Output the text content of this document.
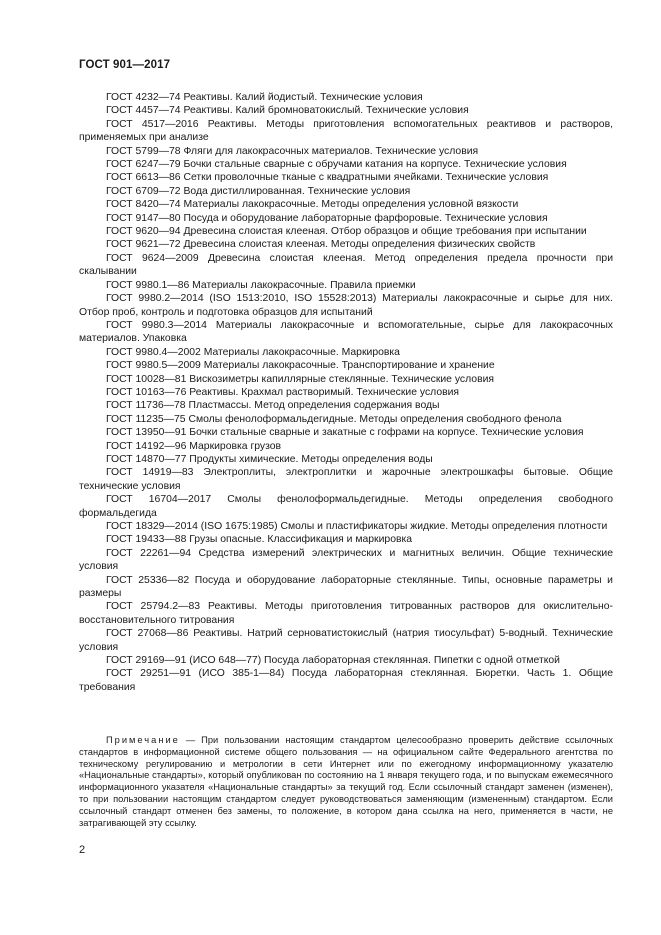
ГОСТ 901—2017

ГОСТ 4232—74 Реактивы. Калий йодистый. Технические условия

ГОСТ 4457—74 Реактивы. Калий бромноватокислый. Технические условия

ГОСТ 4517—2016 Реактивы. Методы приготовления вспомогательных реактивов и растворов, применяемых при анализе

ГОСТ 5799—78 Фляги для лакокрасочных материалов. Технические условия

ГОСТ 6247—79 Бочки стальные сварные с обручами катания на корпусе. Технические условия

ГОСТ 6613—86 Сетки проволочные тканые с квадратными ячейками. Технические условия

ГОСТ 6709—72 Вода дистиллированная. Технические условия

ГОСТ 8420—74 Материалы лакокрасочные. Методы определения условной вязкости

ГОСТ 9147—80 Посуда и оборудование лабораторные фарфоровые. Технические условия

ГОСТ 9620—94 Древесина слоистая клееная. Отбор образцов и общие требования при испытании

ГОСТ 9621—72 Древесина слоистая клееная. Методы определения физических свойств

ГОСТ 9624—2009 Древесина слоистая клееная. Метод определения предела прочности при скалывании

ГОСТ 9980.1—86 Материалы лакокрасочные. Правила приемки

ГОСТ 9980.2—2014 (ISO 1513:2010, ISO 15528:2013) Материалы лакокрасочные и сырье для них. Отбор проб, контроль и подготовка образцов для испытаний

ГОСТ 9980.3—2014 Материалы лакокрасочные и вспомогательные, сырье для лакокрасочных материалов. Упаковка

ГОСТ 9980.4—2002 Материалы лакокрасочные. Маркировка

ГОСТ 9980.5—2009 Материалы лакокрасочные. Транспортирование и хранение

ГОСТ 10028—81 Вискозиметры капиллярные стеклянные. Технические условия

ГОСТ 10163—76 Реактивы. Крахмал растворимый. Технические условия

ГОСТ 11736—78 Пластмассы. Метод определения содержания воды

ГОСТ 11235—75 Смолы фенолоформальдегидные. Методы определения свободного фенола

ГОСТ 13950—91 Бочки стальные сварные и закатные с гофрами на корпусе. Технические условия

ГОСТ 14192—96 Маркировка грузов

ГОСТ 14870—77 Продукты химические. Методы определения воды

ГОСТ 14919—83 Электроплиты, электроплитки и жарочные электрошкафы бытовые. Общие технические условия

ГОСТ 16704—2017 Смолы фенолоформальдегидные. Методы определения свободного формальдегида

ГОСТ 18329—2014 (ISO 1675:1985) Смолы и пластификаторы жидкие. Методы определения плотности

ГОСТ 19433—88 Грузы опасные. Классификация и маркировка

ГОСТ 22261—94 Средства измерений электрических и магнитных величин. Общие технические условия

ГОСТ 25336—82 Посуда и оборудование лабораторные стеклянные. Типы, основные параметры и размеры

ГОСТ 25794.2—83 Реактивы. Методы приготовления титрованных растворов для окислительно-восстановительного титрования

ГОСТ 27068—86 Реактивы. Натрий серноватистокислый (натрия тиосульфат) 5-водный. Технические условия

ГОСТ 29169—91 (ИСО 648—77) Посуда лабораторная стеклянная. Пипетки с одной отметкой

ГОСТ 29251—91 (ИСО 385-1—84) Посуда лабораторная стеклянная. Бюретки. Часть 1. Общие требования

Примечание — При пользовании настоящим стандартом целесообразно проверить действие ссылочных стандартов в информационной системе общего пользования — на официальном сайте Федерального агентства по техническому регулированию и метрологии в сети Интернет или по ежегодному информационному указателю «Национальные стандарты», который опубликован по состоянию на 1 января текущего года, и по выпускам ежемесячного информационного указателя «Национальные стандарты» за текущий год. Если ссылочный стандарт заменен (изменен), то при пользовании настоящим стандартом следует руководствоваться заменяющим (измененным) стандартом. Если ссылочный стандарт отменен без замены, то положение, в котором дана ссылка на него, применяется в части, не затрагивающей эту ссылку.
2
